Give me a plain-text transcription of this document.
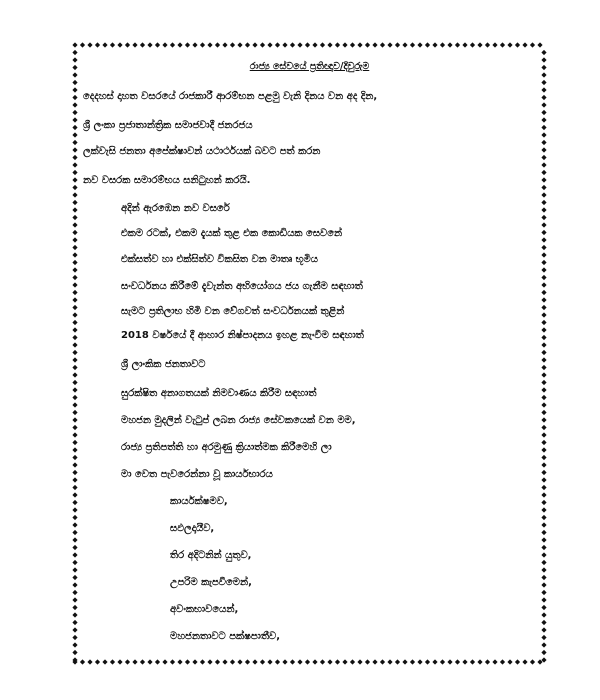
රාජ්‍ය සේවයේ ප්‍රතිඥාව/දිවුරුම
දෙදහස් දාහත වසරයේ රාජකාරී ආරම්භන පළමු වැනි දිනය වන අද දින,
ශ්‍රී ලංකා ප්‍රජාතාන්ත්‍රික සමාජවාදී ජනරජය
ලක්වැසි ජනතා අපේක්ෂාවන් යථාර්ථයක් බවට පත් කරන
නව වසරක සමාරම්භය සනිටුහන් කරයි.
අදින් ඇරඹෙන නව වසරේ
එකම රටක්, එකම දැයක් තුළ එක කොඩියක සෙවනේ
එක්සත්ව හා එක්සිත්ව විකසිත වන මාතෘ භූමිය
සංවර්ධනය කිරීමේ දැවැන්ත අභියෝගය ජය ගැනීම සඳහාත්
සැමට ප්‍රතිලාභ හිමි වන වේගවත් සංවර්ධනයක් තුළින්
2018 වර්ෂයේ දී ආහාර නිෂ්පාදනය ඉහළ නැංවීම සඳහාත්
ශ්‍රී ලාංකික ජනතාවට
සුරක්ෂිත අනාගතයක් නිමවාණය කිරීම සඳහාත්
මහජන මුදලින් වැටුප් ලබන රාජ්‍ය සේවකයෙක් වන මම,
රාජ්‍ය ප්‍රතිපත්ති හා අරමුණු ක්‍රියාත්මක කිරීමෙහි ලා
මා වෙත පැවරෙන්නා වූ කාර්යභාරය
කාර්යක්ෂමව,
සඵලදායීව,
තිර අදිටනින් යුතුව,
උපරිම කැපවීමෙන්,
අවංකභාවයෙන්,
මහජනතාවට පක්ෂපාතීව,
